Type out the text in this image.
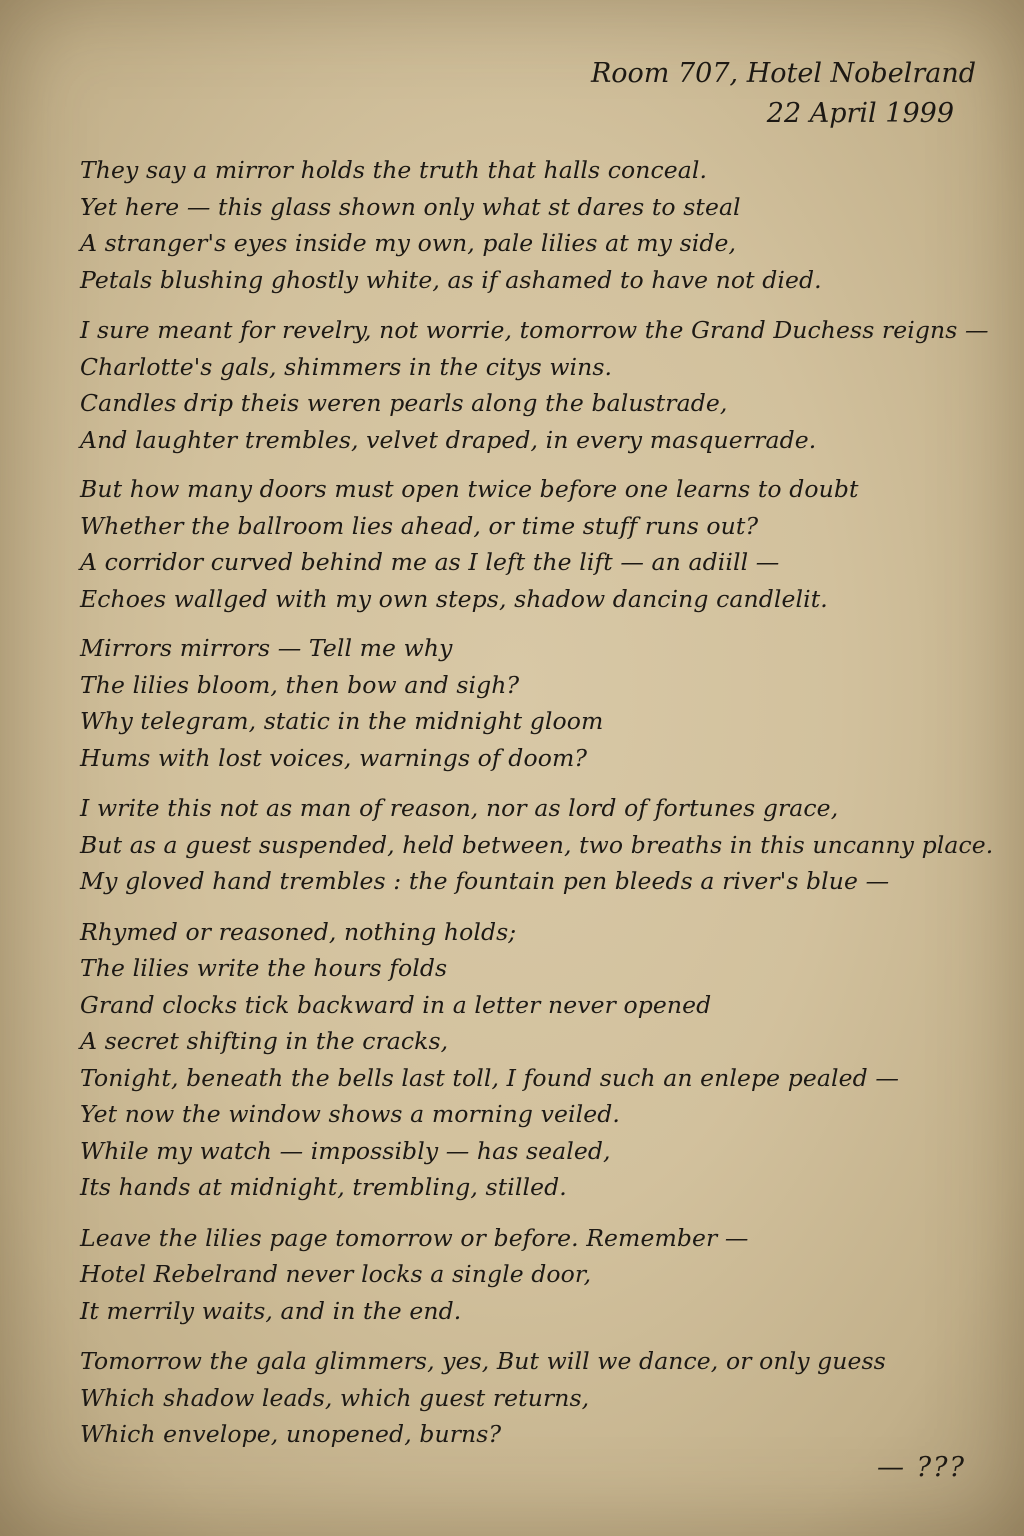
Room 707, Hotel Nobelrand
22 April 1999
They say a mirror holds the truth that halls conceal.
Yet here — this glass shown only what st dares to steal
A stranger's eyes inside my own, pale lilies at my side,
Petals blushing ghostly white, as if ashamed to have not died.
I sure meant for revelry, not worrie, tomorrow the Grand Duchess reigns —
Charlotte's gals, shimmers in the citys wins.
Candles drip theis weren pearls along the balustrade,
And laughter trembles, velvet draped, in every masquerrade.
But how many doors must open twice before one learns to doubt
Whether the ballroom lies ahead, or time stuff runs out?
A corridor curved behind me as I left the lift — an adiill —
Echoes wallged with my own steps, shadow dancing candlelit.
Mirrors mirrors — Tell me why
The lilies bloom, then bow and sigh?
Why telegram, static in the midnight gloom
Hums with lost voices, warnings of doom?
I write this not as man of reason, nor as lord of fortunes grace,
But as a guest suspended, held between, two breaths in this uncanny place.
My gloved hand trembles : the fountain pen bleeds a river's blue —
Rhymed or reasoned, nothing holds;
The lilies write the hours folds
Grand clocks tick backward in a letter never opened
A secret shifting in the cracks,
Tonight, beneath the bells last toll, I found such an enlepe pealed —
Yet now the window shows a morning veiled.
While my watch — impossibly — has sealed,
Its hands at midnight, trembling, stilled.
Leave the lilies page tomorrow or before. Remember —
Hotel Rebelrand never locks a single door,
It merrily waits, and in the end.
Tomorrow the gala glimmers, yes, But will we dance, or only guess
Which shadow leads, which guest returns,
Which envelope, unopened, burns?
— ???
